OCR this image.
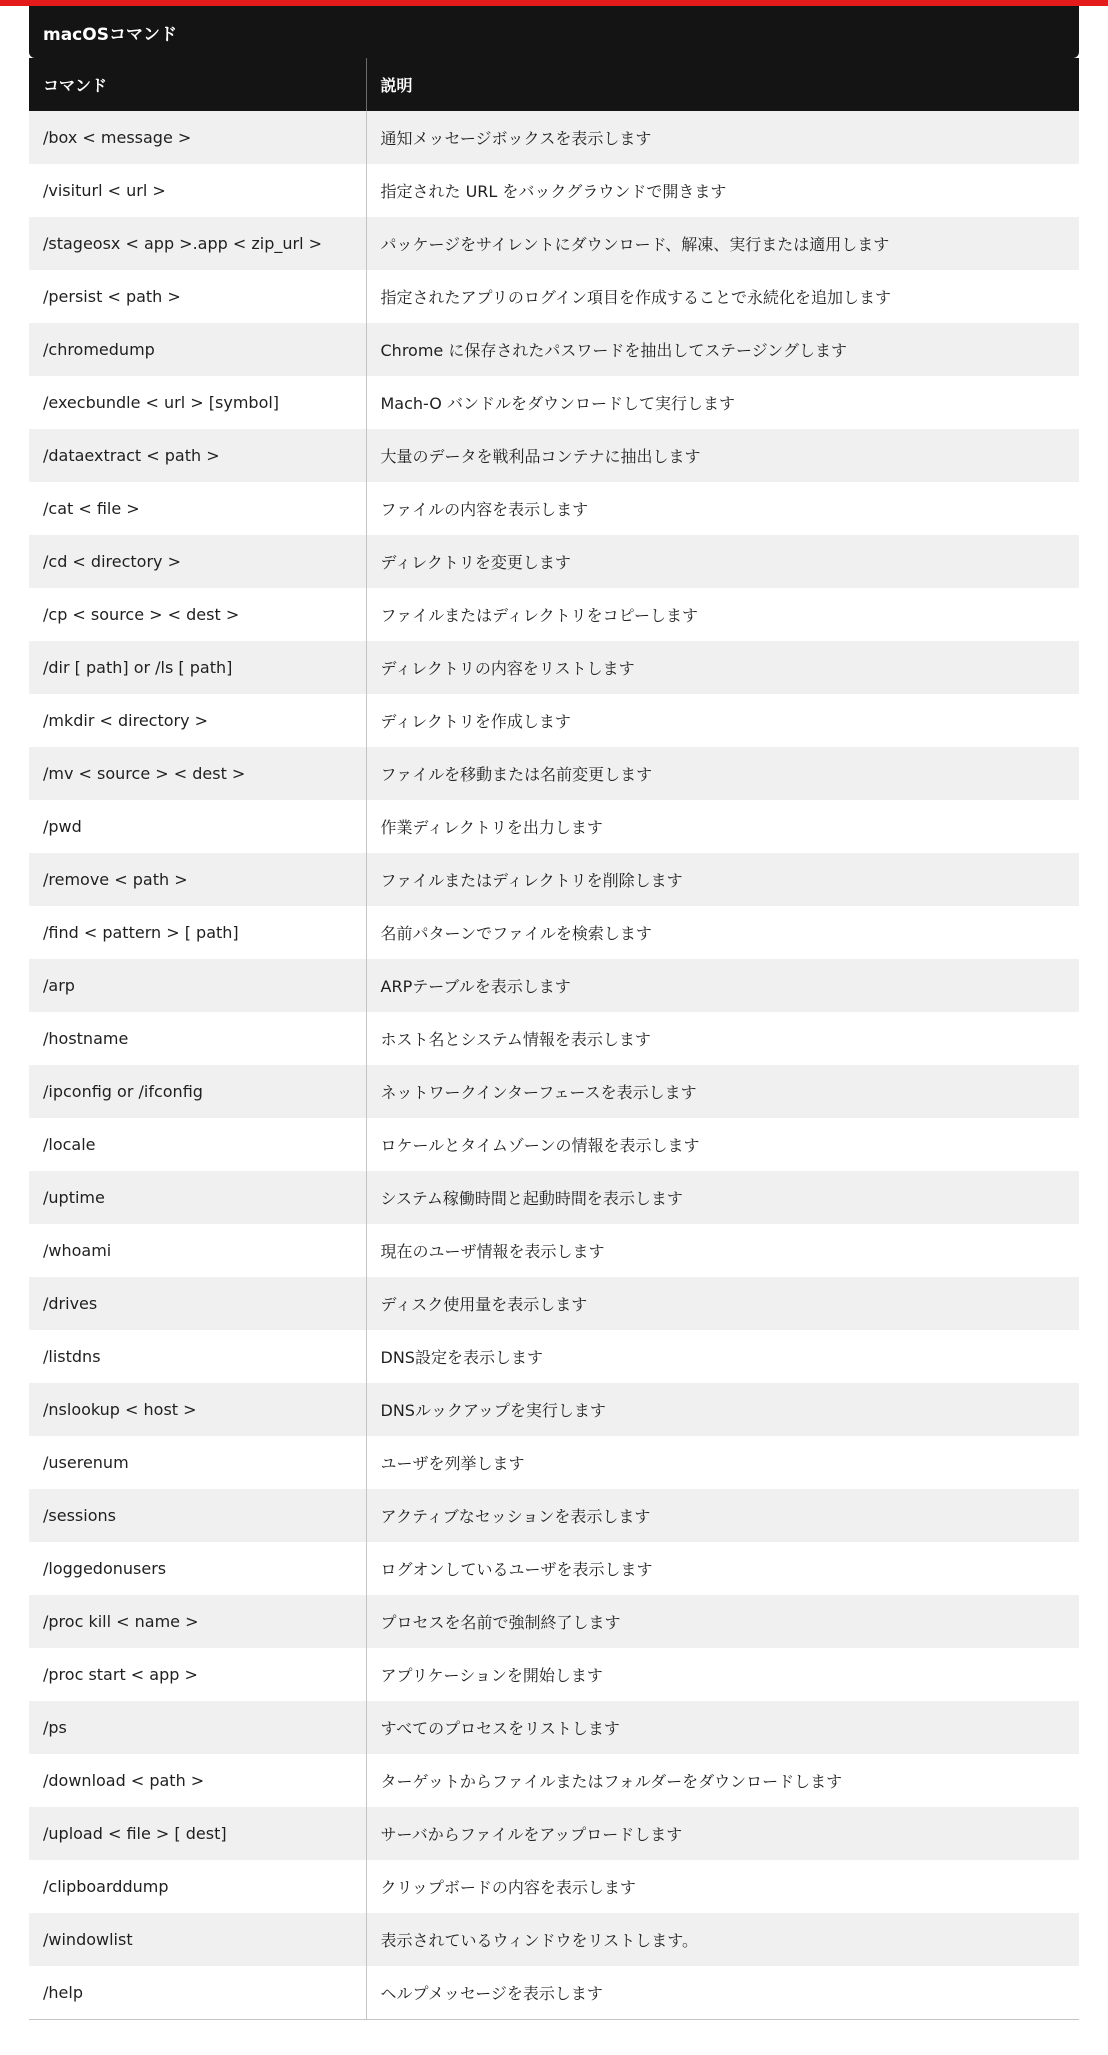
macOSコマンド
コマンド	説明
/box < message >	通知メッセージボックスを表示します
/visiturl < url >	指定された URL をバックグラウンドで開きます
/stageosx < app >.app < zip_url >	パッケージをサイレントにダウンロード、解凍、実行または適用します
/persist < path >	指定されたアプリのログイン項目を作成することで永続化を追加します
/chromedump	Chrome に保存されたパスワードを抽出してステージングします
/execbundle < url > [symbol]	Mach-O バンドルをダウンロードして実行します
/dataextract < path >	大量のデータを戦利品コンテナに抽出します
/cat < file >	ファイルの内容を表示します
/cd < directory >	ディレクトリを変更します
/cp < source > < dest >	ファイルまたはディレクトリをコピーします
/dir [ path] or /ls [ path]	ディレクトリの内容をリストします
/mkdir < directory >	ディレクトリを作成します
/mv < source > < dest >	ファイルを移動または名前変更します
/pwd	作業ディレクトリを出力します
/remove < path >	ファイルまたはディレクトリを削除します
/find < pattern > [ path]	名前パターンでファイルを検索します
/arp	ARPテーブルを表示します
/hostname	ホスト名とシステム情報を表示します
/ipconfig or /ifconfig	ネットワークインターフェースを表示します
/locale	ロケールとタイムゾーンの情報を表示します
/uptime	システム稼働時間と起動時間を表示します
/whoami	現在のユーザ情報を表示します
/drives	ディスク使用量を表示します
/listdns	DNS設定を表示します
/nslookup < host >	DNSルックアップを実行します
/userenum	ユーザを列挙します
/sessions	アクティブなセッションを表示します
/loggedonusers	ログオンしているユーザを表示します
/proc kill < name >	プロセスを名前で強制終了します
/proc start < app >	アプリケーションを開始します
/ps	すべてのプロセスをリストします
/download < path >	ターゲットからファイルまたはフォルダーをダウンロードします
/upload < file > [ dest]	サーバからファイルをアップロードします
/clipboarddump	クリップボードの内容を表示します
/windowlist	表示されているウィンドウをリストします。
/help	ヘルプメッセージを表示します
